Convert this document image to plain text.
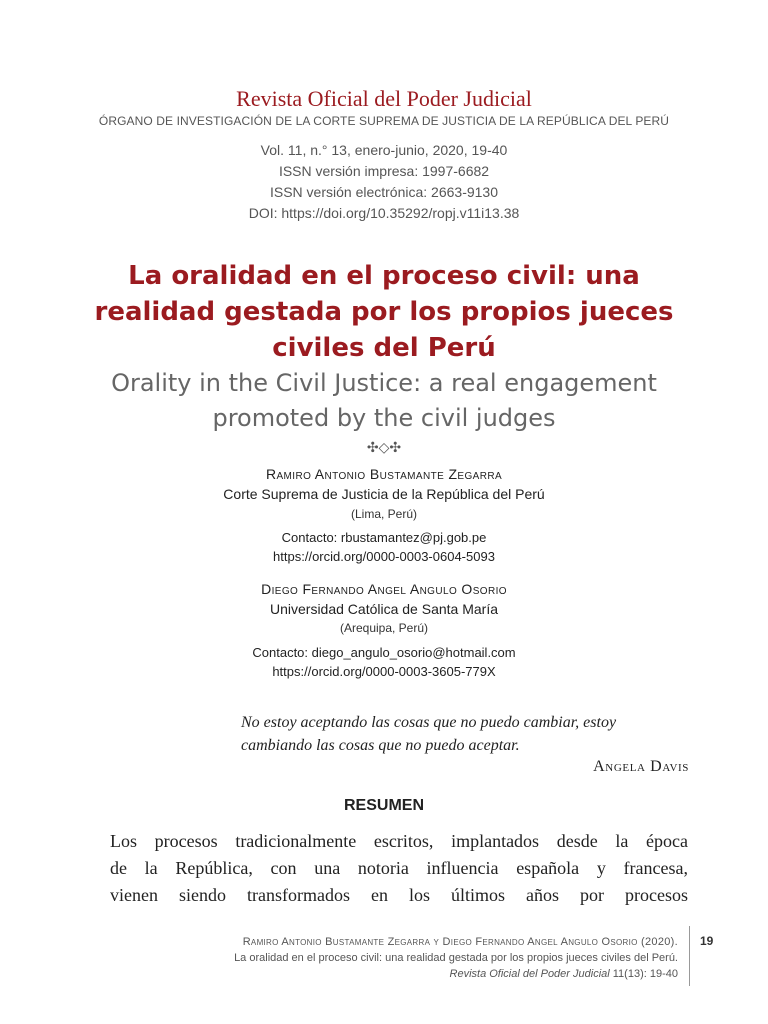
Revista Oficial del Poder Judicial
ÓRGANO DE INVESTIGACIÓN DE LA CORTE SUPREMA DE JUSTICIA DE LA REPÚBLICA DEL PERÚ
Vol. 11, n.° 13, enero-junio, 2020, 19-40
ISSN versión impresa: 1997-6682
ISSN versión electrónica: 2663-9130
DOI: https://doi.org/10.35292/ropj.v11i13.38
La oralidad en el proceso civil: una
realidad gestada por los propios jueces
civiles del Perú
Orality in the Civil Justice: a real engagement
promoted by the civil judges
✣◇✣
Ramiro Antonio Bustamante Zegarra
Corte Suprema de Justicia de la República del Perú
(Lima, Perú)
Contacto: rbustamantez@pj.gob.pe
https://orcid.org/0000-0003-0604-5093
Diego Fernando Angel Angulo Osorio
Universidad Católica de Santa María
(Arequipa, Perú)
Contacto: diego_angulo_osorio@hotmail.com
https://orcid.org/0000-0003-3605-779X
No estoy aceptando las cosas que no puedo cambiar, estoy
cambiando las cosas que no puedo aceptar.
Angela Davis
RESUMEN
Los procesos tradicionalmente escritos, implantados desde la época
de la República, con una notoria influencia española y francesa,
vienen siendo transformados en los últimos años por procesos
Ramiro Antonio Bustamante Zegarra y Diego Fernando Angel Angulo Osorio (2020).
La oralidad en el proceso civil: una realidad gestada por los propios jueces civiles del Perú.
Revista Oficial del Poder Judicial 11(13): 19-40
19
